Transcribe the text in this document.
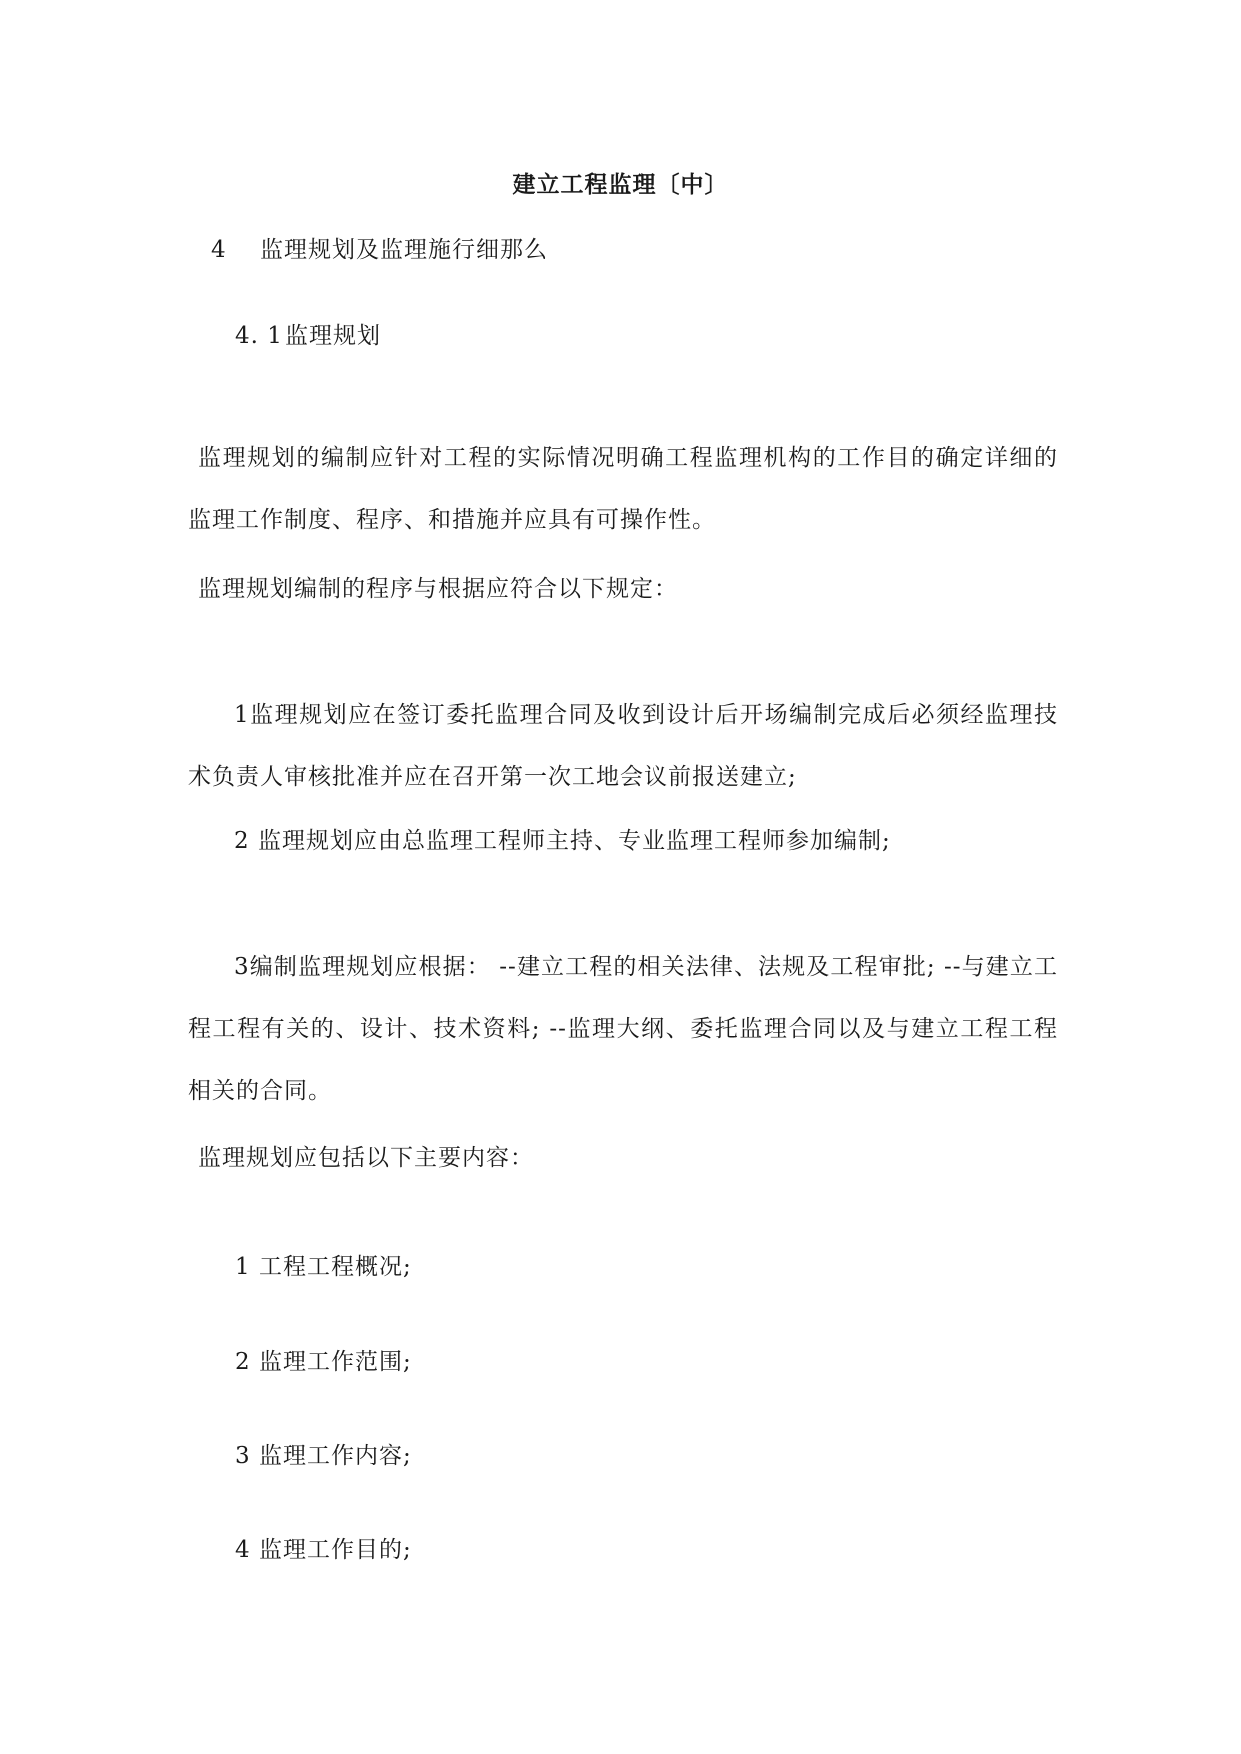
建立工程监理〔中〕
4 监理规划及监理施行细那么
4. 1 监理规划
监理规划的编制应针对工程的实际情况明确工程监理机构的工作目的确定详细的监理工作制度、程序、和措施并应具有可操作性。
监理规划编制的程序与根据应符合以下规定：
1监理规划应在签订委托监理合同及收到设计后开场编制完成后必须经监理技术负责人审核批准并应在召开第一次工地会议前报送建立;
2 监理规划应由总监理工程师主持、专业监理工程师参加编制;
3编制监理规划应根据： --建立工程的相关法律、法规及工程审批; --与建立工程工程有关的、设计、技术资料; --监理大纲、委托监理合同以及与建立工程工程相关的合同。
监理规划应包括以下主要内容：
1 工程工程概况;
2 监理工作范围;
3 监理工作内容;
4 监理工作目的;
